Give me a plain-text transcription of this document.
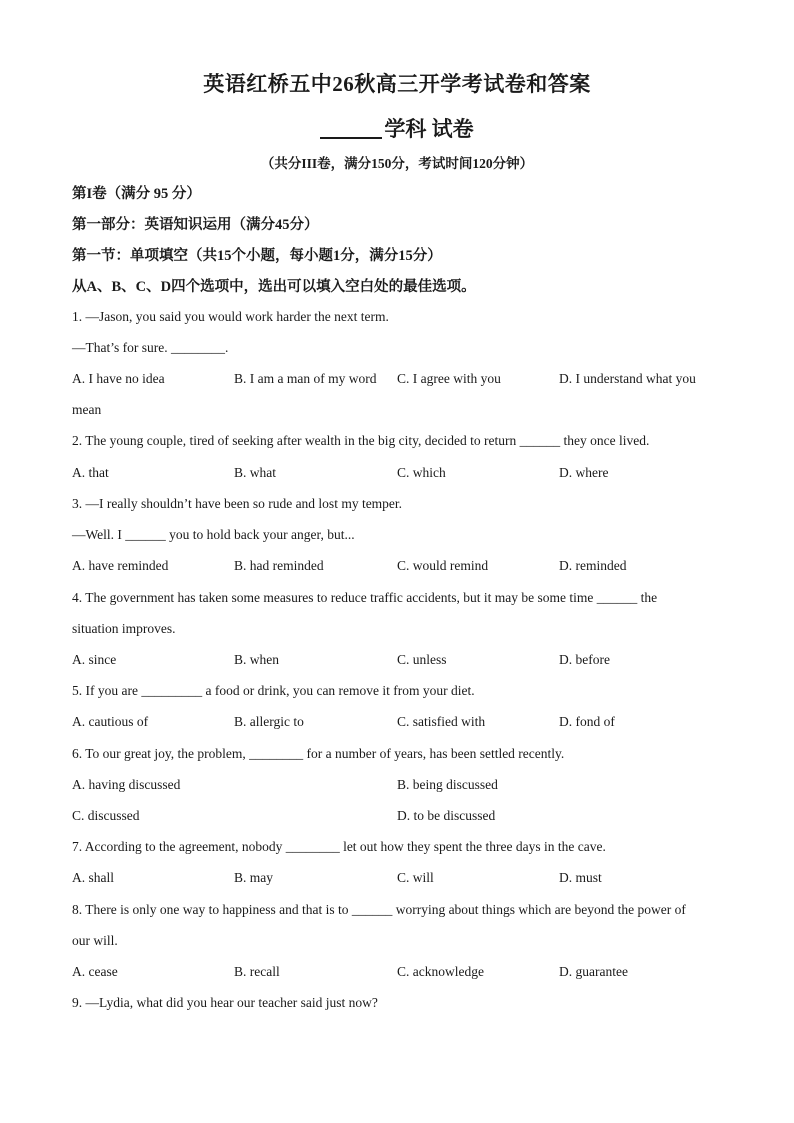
英语红桥五中26秋高三开学考试卷和答案
学科 试卷
（共分III卷，满分150分，考试时间120分钟）
第I卷（满分 95 分）
第一部分：英语知识运用（满分45分）
第一节：单项填空（共15个小题，每小题1分，满分15分）
从A、B、C、D四个选项中，选出可以填入空白处的最佳选项。
1. —Jason, you said you would work harder the next term.
—That’s for sure. ________.
A. I have no idea	B. I am a man of my word C. I agree with you	D. I understand what you
mean
2. The young couple, tired of seeking after wealth in the big city, decided to return ______ they once lived.
A. that	B. what	C. which	D. where
3. —I really shouldn’t have been so rude and lost my temper.
—Well. I ______ you to hold back your anger, but...
A. have reminded	B. had reminded	C. would remind	D. reminded
4. The government has taken some measures to reduce traffic accidents, but it may be some time ______ the
situation improves.
A. since	B. when	C. unless	D. before
5. If you are _________ a food or drink, you can remove it from your diet.
A. cautious of	B. allergic to	C. satisfied with	D. fond of
6. To our great joy, the problem, ________ for a number of years, has been settled recently.
A. having discussed	B. being discussed
C. discussed	D. to be discussed
7. According to the agreement, nobody ________ let out how they spent the three days in the cave.
A. shall	B. may	C. will	D. must
8. There is only one way to happiness and that is to ______ worrying about things which are beyond the power of
our will.
A. cease	B. recall	C. acknowledge	D. guarantee
9. —Lydia, what did you hear our teacher said just now?
